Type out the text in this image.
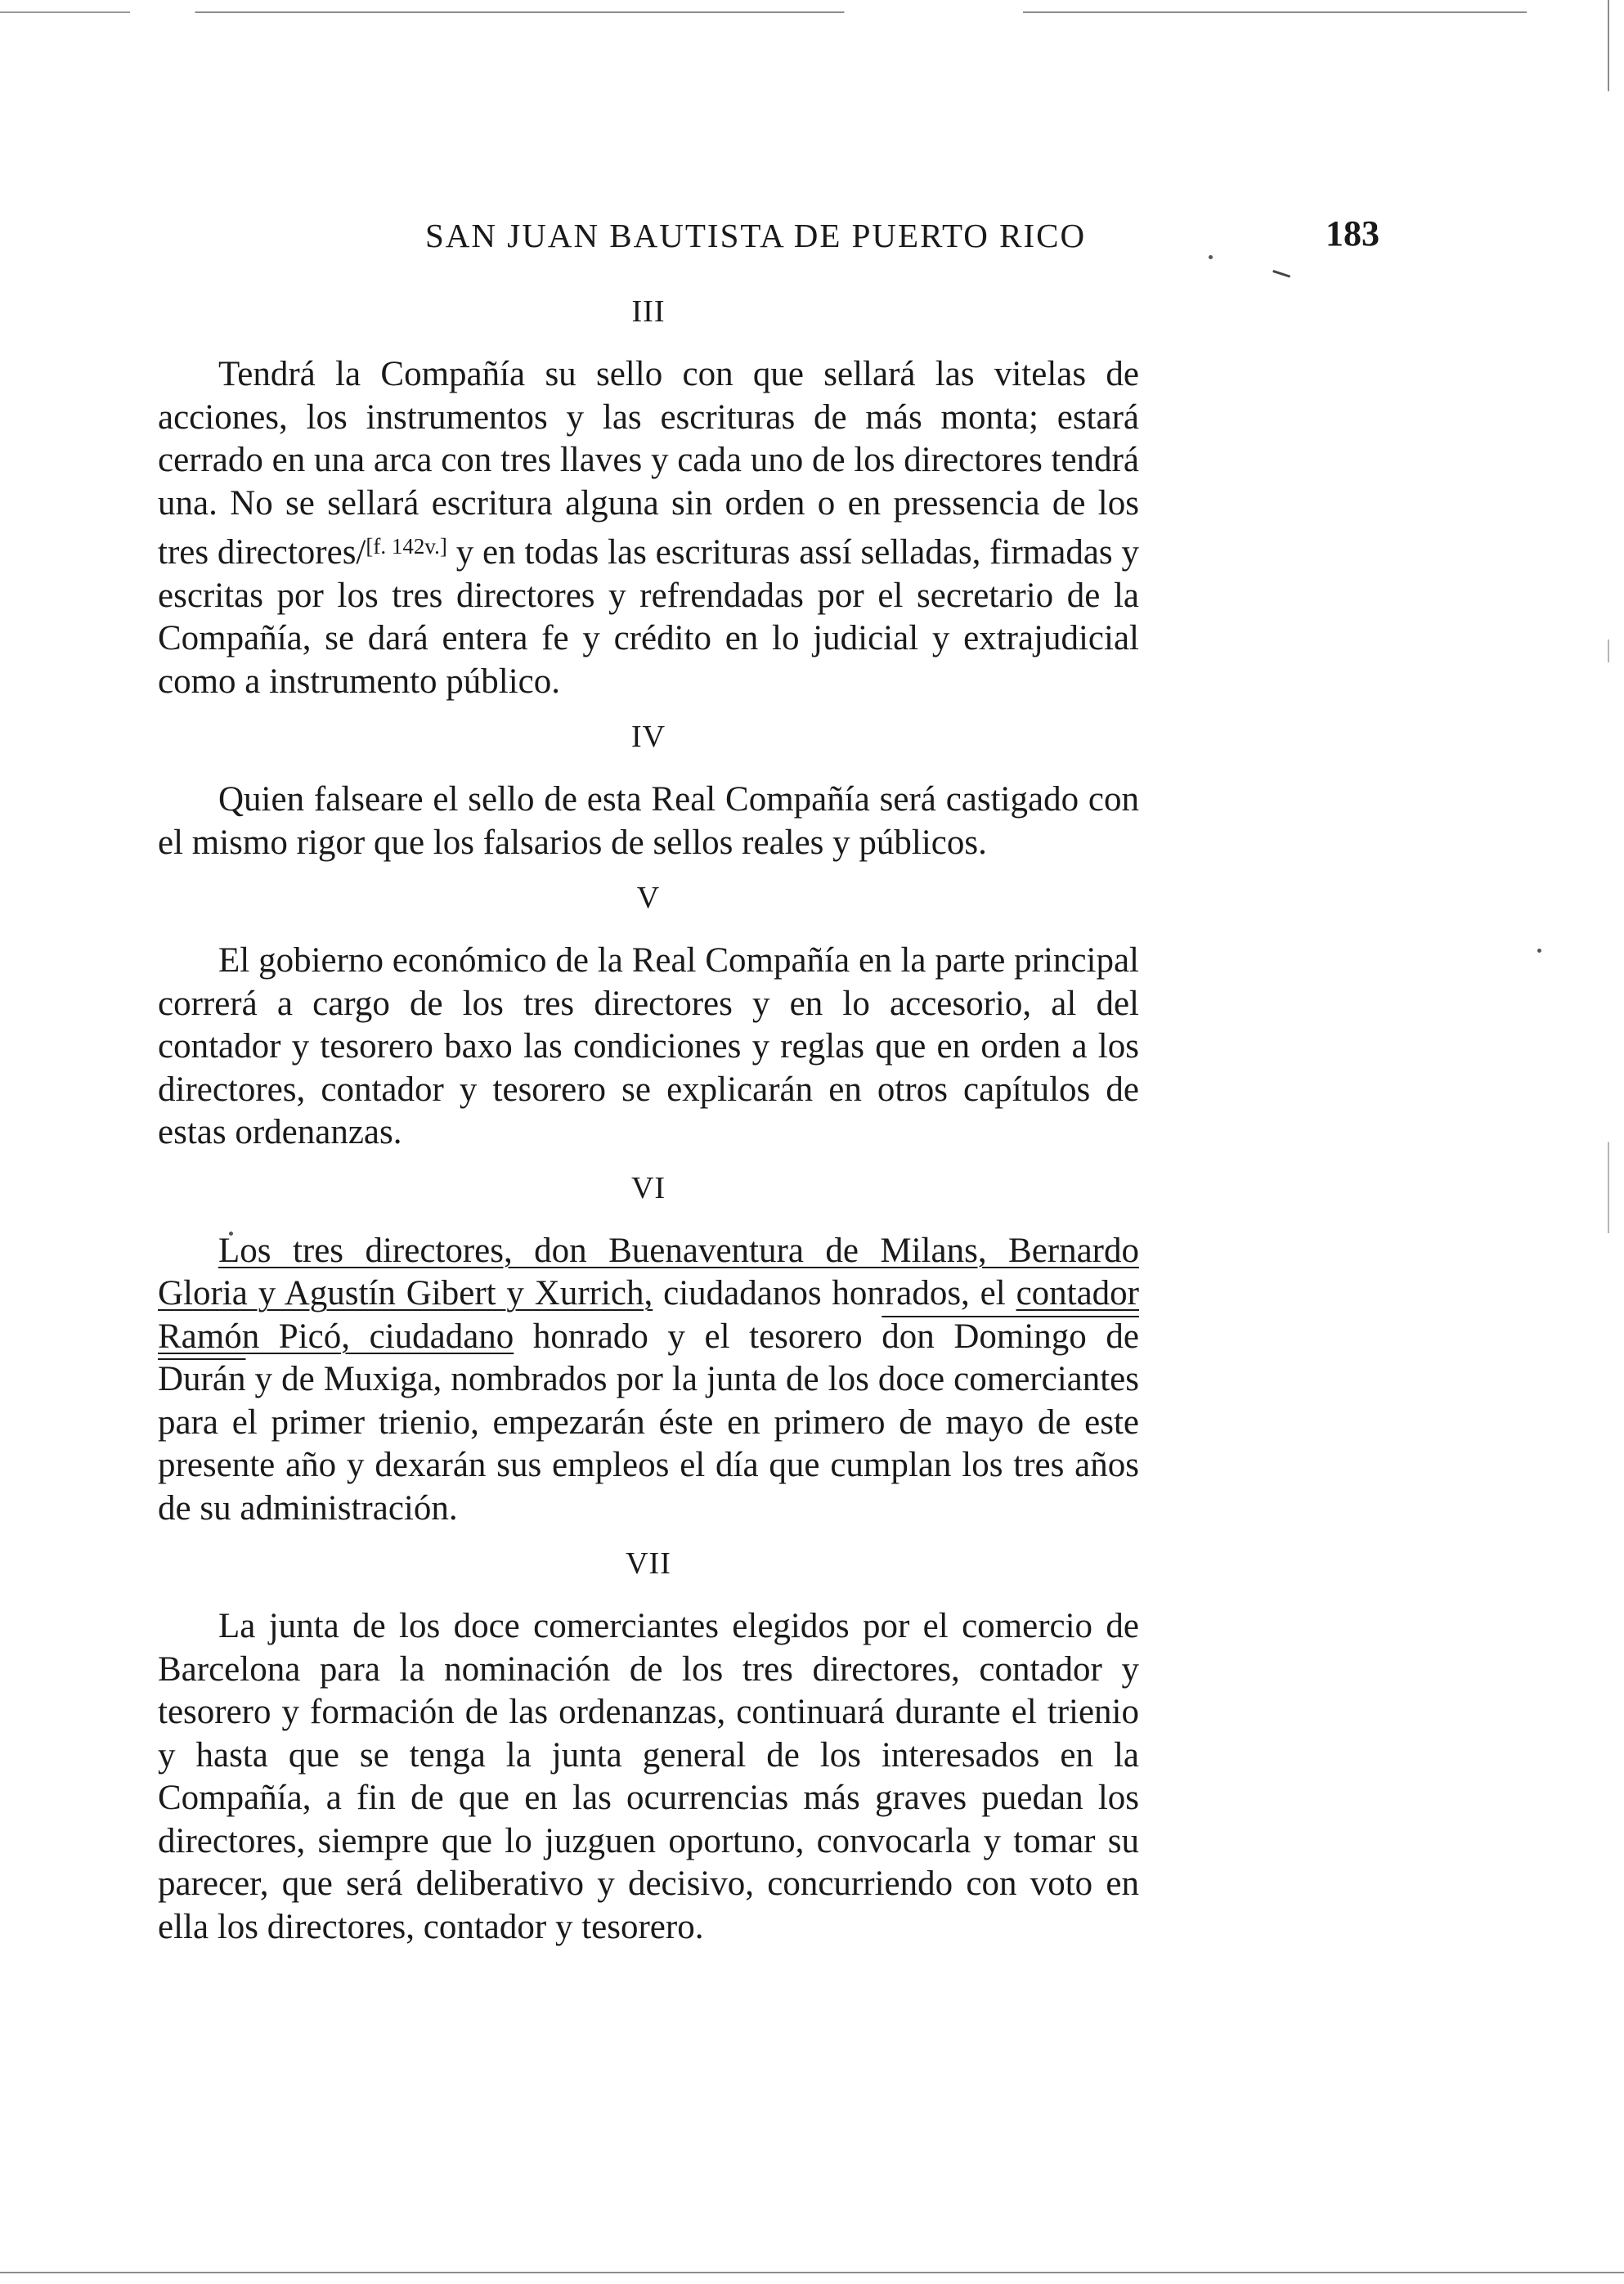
SAN JUAN BAUTISTA DE PUERTO RICO	183
III

Tendrá la Compañía su sello con que sellará las vitelas de acciones, los instrumentos y las escrituras de más monta; estará cerrado en una arca con tres llaves y cada uno de los directores tendrá una. No se sellará escritura alguna sin orden o en pressencia de los tres directores/[f. 142v.] y en todas las escrituras assí selladas, firmadas y escritas por los tres directores y refrendadas por el secretario de la Compañía, se dará entera fe y crédito en lo judicial y extrajudicial como a instrumento público.

IV

Quien falseare el sello de esta Real Compañía será castigado con el mismo rigor que los falsarios de sellos reales y públicos.

V

El gobierno económico de la Real Compañía en la parte principal correrá a cargo de los tres directores y en lo accesorio, al del contador y tesorero baxo las condiciones y reglas que en orden a los directores, contador y tesorero se explicarán en otros capítulos de estas ordenanzas.

VI

Los tres directores, don Buenaventura de Milans, Bernardo Gloria y Agustín Gibert y Xurrich, ciudadanos honrados, el contador Ramón Picó, ciudadano honrado y el tesorero don Domingo de Durán y de Muxiga, nombrados por la junta de los doce comerciantes para el primer trienio, empezarán éste en primero de mayo de este presente año y dexarán sus empleos el día que cumplan los tres años de su administración.

VII

La junta de los doce comerciantes elegidos por el comercio de Barcelona para la nominación de los tres directores, contador y tesorero y formación de las ordenanzas, continuará durante el trienio y hasta que se tenga la junta general de los interesados en la Compañía, a fin de que en las ocurrencias más graves puedan los directores, siempre que lo juzguen oportuno, convocarla y tomar su parecer, que será deliberativo y decisivo, concurriendo con voto en ella los directores, contador y tesorero.
